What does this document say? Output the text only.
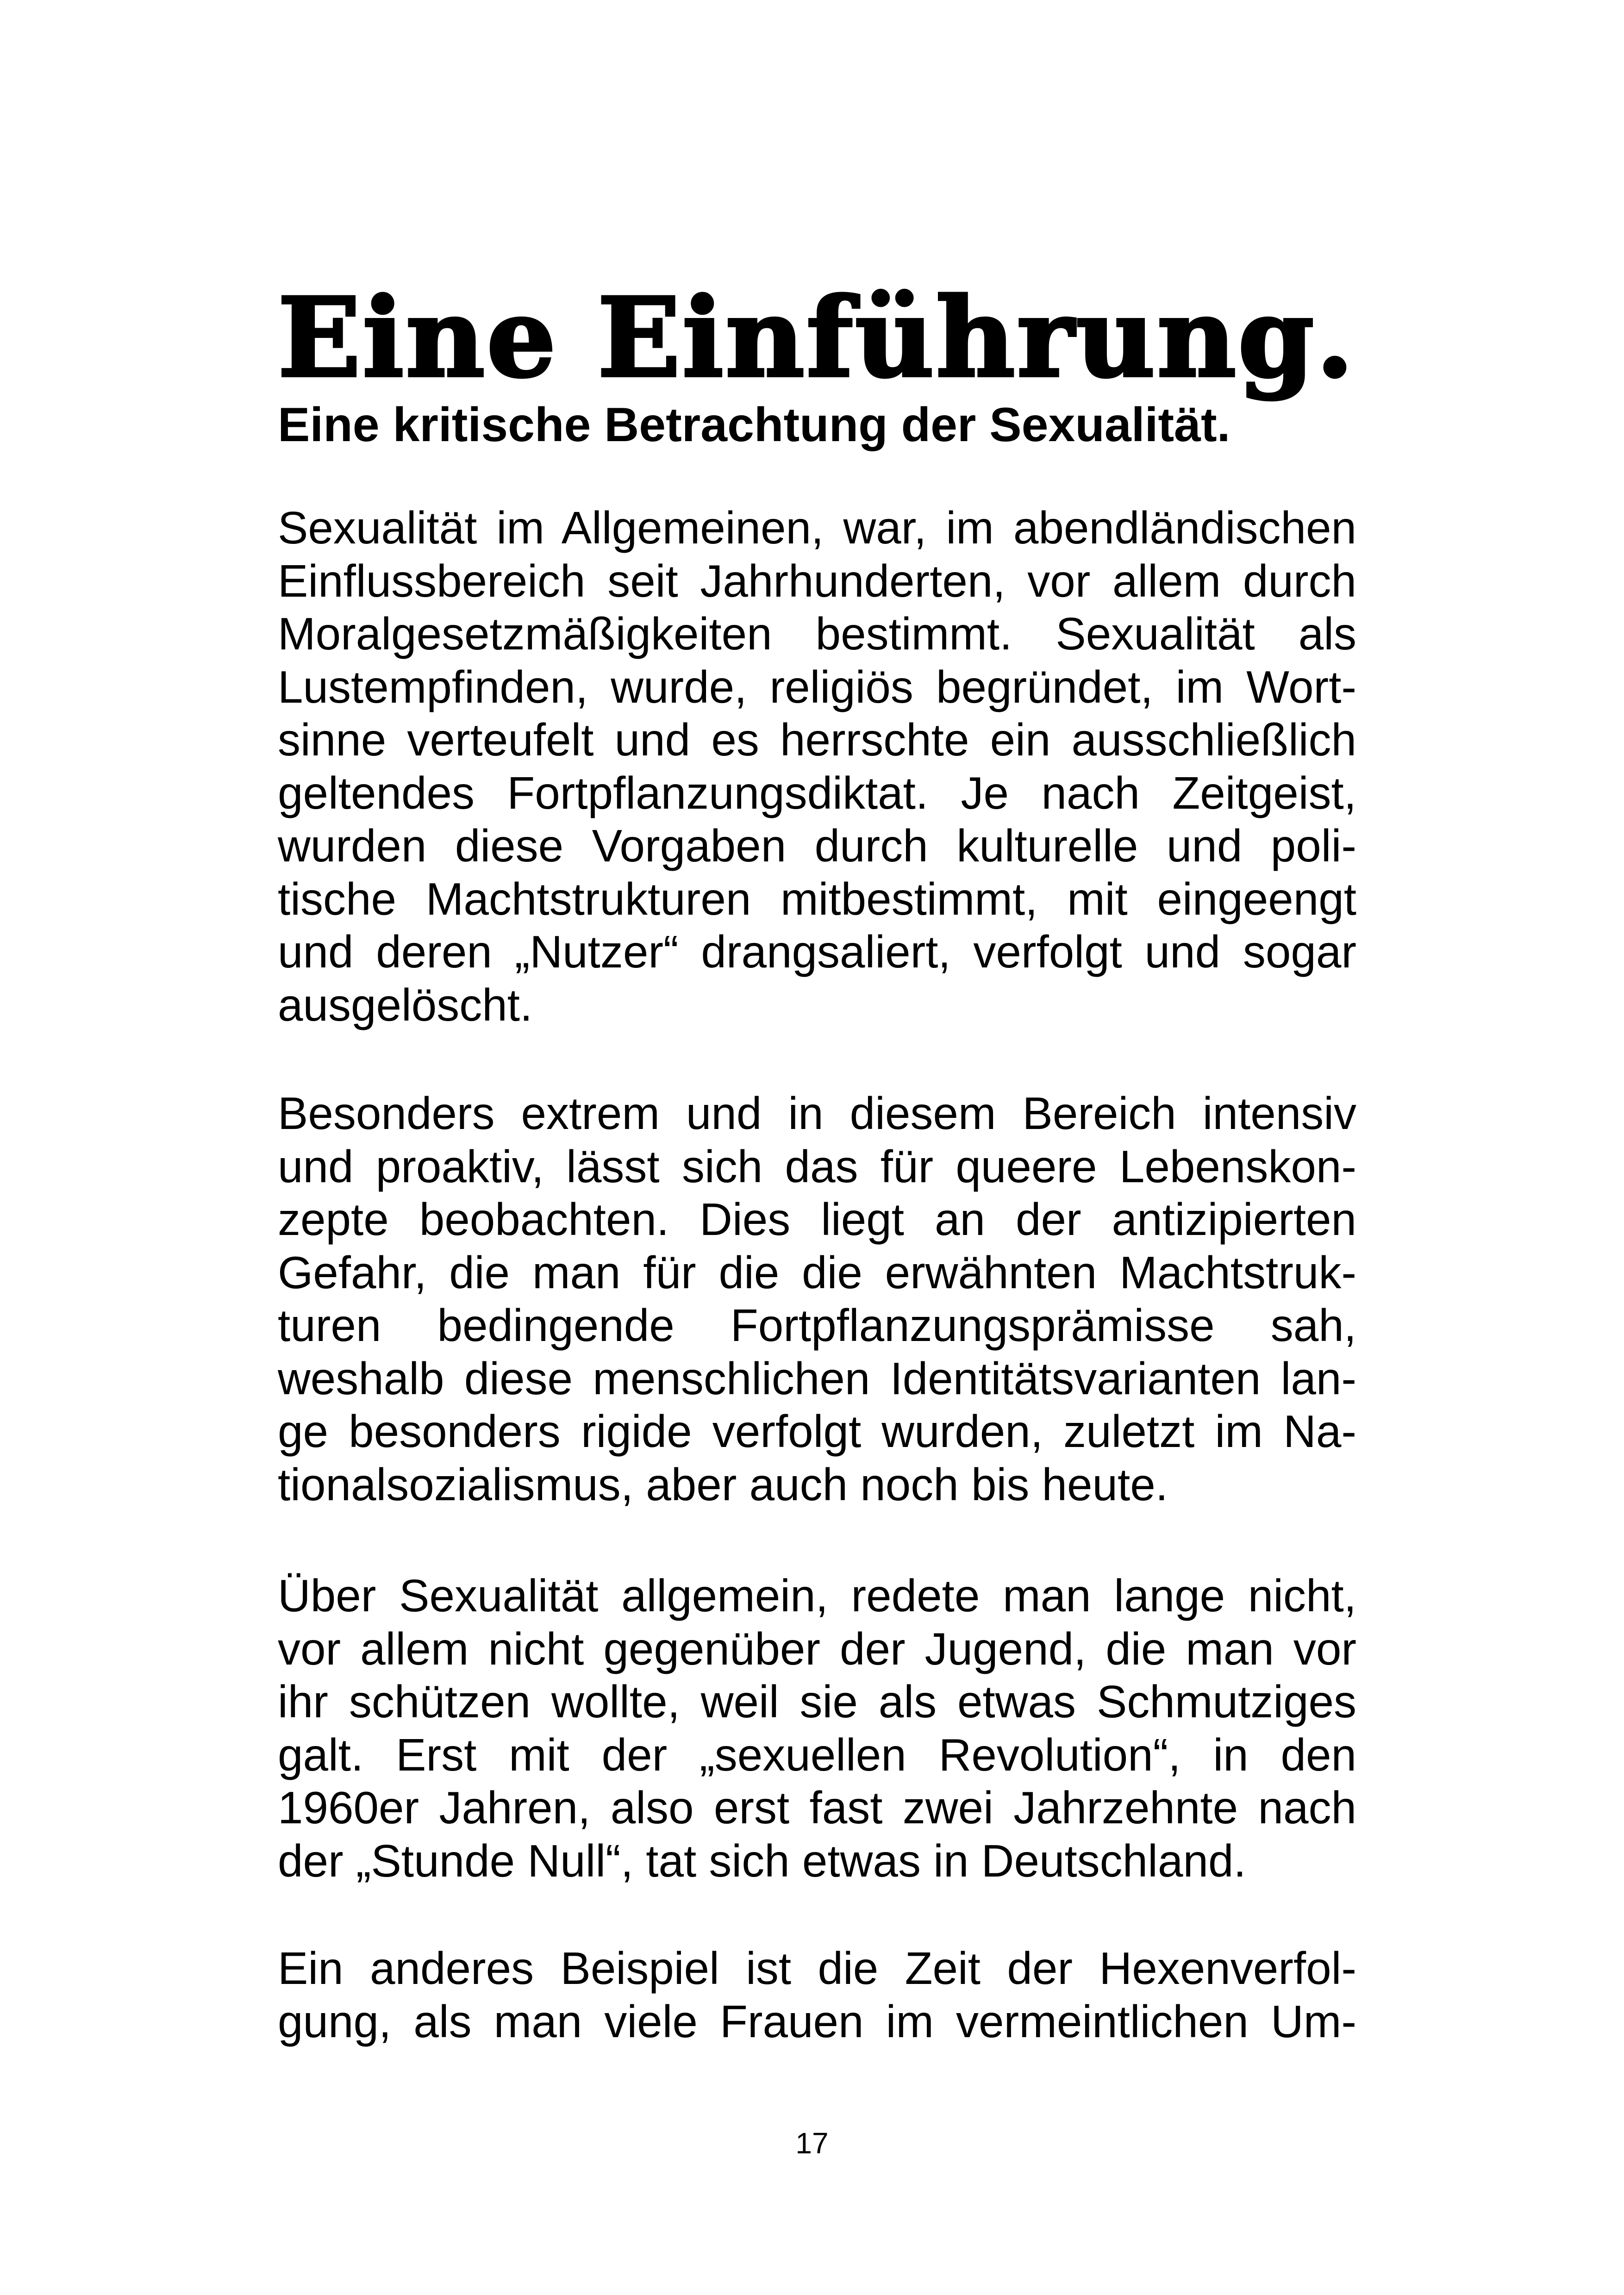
Eine Einführung.
Eine kritische Betrachtung der Sexualität.
Sexualität im Allgemeinen, war, im abendländischen
Einflussbereich seit Jahrhunderten, vor allem durch
Moralgesetzmäßigkeiten bestimmt. Sexualität als
Lustempfinden, wurde, religiös begründet, im Wort-
sinne verteufelt und es herrschte ein ausschließlich
geltendes Fortpflanzungsdiktat. Je nach Zeitgeist,
wurden diese Vorgaben durch kulturelle und poli-
tische Machtstrukturen mitbestimmt, mit eingeengt
und deren „Nutzer“ drangsaliert, verfolgt und sogar
ausgelöscht.
Besonders extrem und in diesem Bereich intensiv
und proaktiv, lässt sich das für queere Lebenskon-
zepte beobachten. Dies liegt an der antizipierten
Gefahr, die man für die die erwähnten Machtstruk-
turen bedingende Fortpflanzungsprämisse sah,
weshalb diese menschlichen Identitätsvarianten lan-
ge besonders rigide verfolgt wurden, zuletzt im Na-
tionalsozialismus, aber auch noch bis heute.
Über Sexualität allgemein, redete man lange nicht,
vor allem nicht gegenüber der Jugend, die man vor
ihr schützen wollte, weil sie als etwas Schmutziges
galt. Erst mit der „sexuellen Revolution“, in den
1960er Jahren, also erst fast zwei Jahrzehnte nach
der „Stunde Null“, tat sich etwas in Deutschland.
Ein anderes Beispiel ist die Zeit der Hexenverfol-
gung, als man viele Frauen im vermeintlichen Um-
17
